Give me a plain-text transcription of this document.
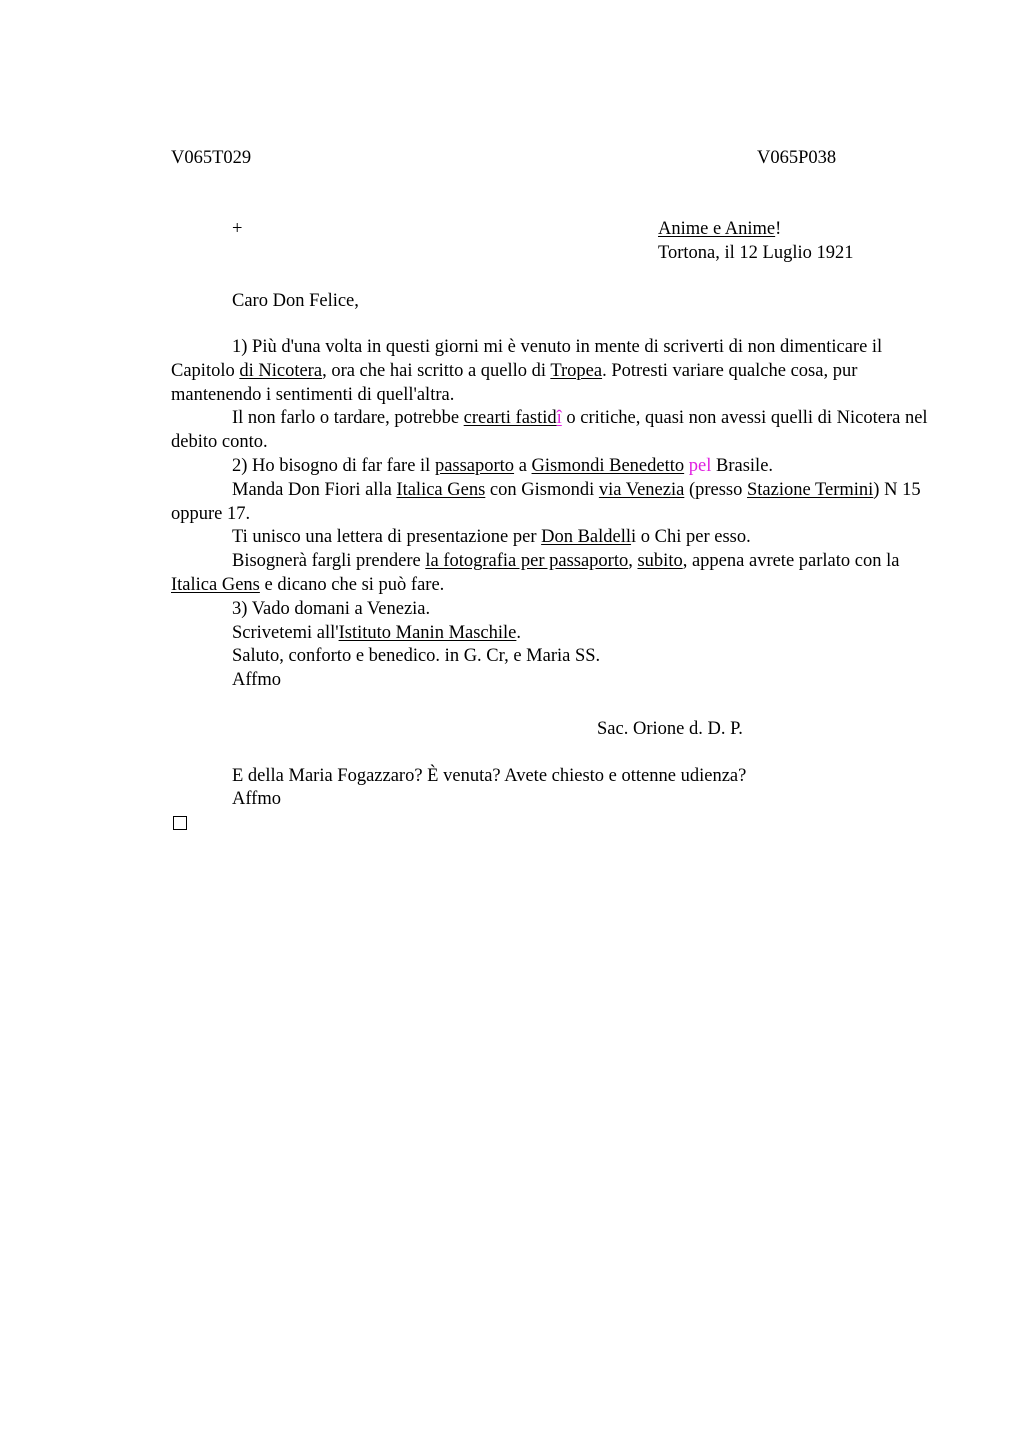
V065T029	V065P038
+	Anime e Anime!
Tortona, il 12 Luglio 1921
Caro Don Felice,

1) Più d'una volta in questi giorni mi è venuto in mente di scriverti di non dimenticare il Capitolo di Nicotera, ora che hai scritto a quello di Tropea. Potresti variare qualche cosa, pur mantenendo i sentimenti di quell'altra.

Il non farlo o tardare, potrebbe crearti fastidî o critiche, quasi non avessi quelli di Nicotera nel debito conto.

2) Ho bisogno di far fare il passaporto a Gismondi Benedetto pel Brasile.

Manda Don Fiori alla Italica Gens con Gismondi via Venezia (presso Stazione Termini) N 15 oppure 17.

Ti unisco una lettera di presentazione per Don Baldelli o Chi per esso.

Bisognerà fargli prendere la fotografia per passaporto, subito, appena avrete parlato con la Italica Gens e dicano che si può fare.

3) Vado domani a Venezia.

Scrivetemi all'Istituto Manin Maschile.

Saluto, conforto e benedico. in G. Cr, e Maria SS.

Affmo

Sac. Orione d. D. P.
E della Maria Fogazzaro? È venuta? Avete chiesto e ottenne udienza?
Affmo
